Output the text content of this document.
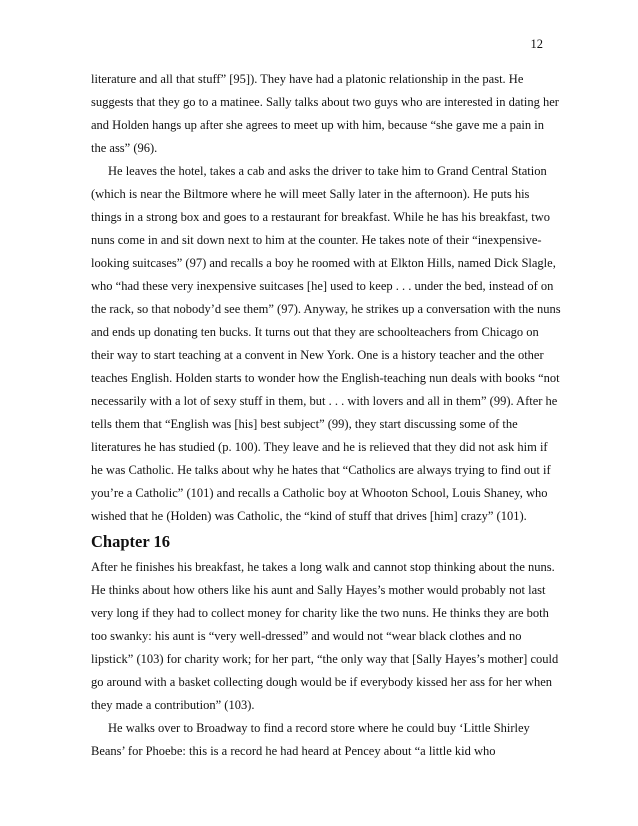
12

literature and all that stuff” [95]). They have had a platonic relationship in the past. He suggests that they go to a matinee. Sally talks about two guys who are interested in dating her and Holden hangs up after she agrees to meet up with him, because “she gave me a pain in the ass” (96).

He leaves the hotel, takes a cab and asks the driver to take him to Grand Central Station (which is near the Biltmore where he will meet Sally later in the afternoon). He puts his things in a strong box and goes to a restaurant for breakfast. While he has his breakfast, two nuns come in and sit down next to him at the counter. He takes note of their “inexpensive-looking suitcases” (97) and recalls a boy he roomed with at Elkton Hills, named Dick Slagle, who “had these very inexpensive suitcases [he] used to keep . . . under the bed, instead of on the rack, so that nobody’d see them” (97). Anyway, he strikes up a conversation with the nuns and ends up donating ten bucks. It turns out that they are schoolteachers from Chicago on their way to start teaching at a convent in New York. One is a history teacher and the other teaches English. Holden starts to wonder how the English-teaching nun deals with books “not necessarily with a lot of sexy stuff in them, but . . . with lovers and all in them” (99). After he tells them that “English was [his] best subject” (99), they start discussing some of the literatures he has studied (p. 100). They leave and he is relieved that they did not ask him if he was Catholic. He talks about why he hates that “Catholics are always trying to find out if you’re a Catholic” (101) and recalls a Catholic boy at Whooton School, Louis Shaney, who wished that he (Holden) was Catholic, the “kind of stuff that drives [him] crazy” (101).

Chapter 16

After he finishes his breakfast, he takes a long walk and cannot stop thinking about the nuns. He thinks about how others like his aunt and Sally Hayes’s mother would probably not last very long if they had to collect money for charity like the two nuns. He thinks they are both too swanky: his aunt is “very well-dressed” and would not “wear black clothes and no lipstick” (103) for charity work; for her part, “the only way that [Sally Hayes’s mother] could go around with a basket collecting dough would be if everybody kissed her ass for her when they made a contribution” (103).

He walks over to Broadway to find a record store where he could buy ‘Little Shirley Beans’ for Phoebe: this is a record he had heard at Pencey about “a little kid who
